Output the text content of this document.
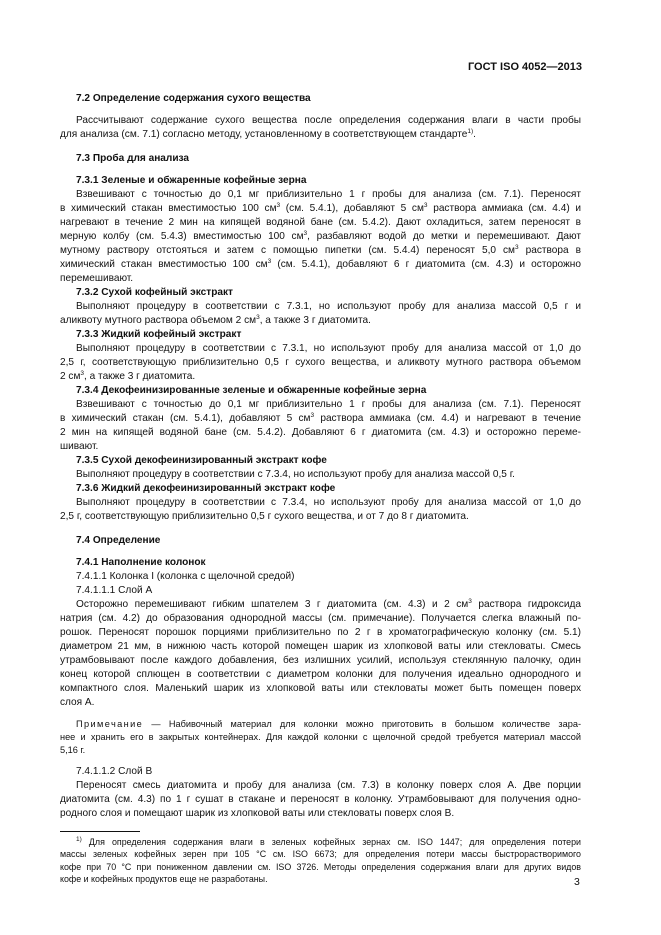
ГОСТ ISO 4052—2013

7.2 Определение содержания сухого вещества

Рассчитывают содержание сухого вещества после определения содержания влаги в части пробы

для анализа (см. 7.1) согласно методу, установленному в соответствующем стандарте$^{1)}$.

7.3 Проба для анализа

7.3.1 Зеленые и обжаренные кофейные зерна

Взвешивают с точностью до 0,1 мг приблизительно 1 г пробы для анализа (см. 7.1). Переносят

в химический стакан вместимостью 100 $см^3$ (см. 5.4.1), добавляют 5 $см^3$ раствора аммиака (см. 4.4) и

нагревают в течение 2 мин на кипящей водяной бане (см. 5.4.2). Дают охладиться, затем переносят в

мерную колбу (см. 5.4.3) вместимостью 100 $см^3$, разбавляют водой до метки и перемешивают. Дают

мутному раствору отстояться и затем с помощью пипетки (см. 5.4.4) переносят 5,0 $см^3$ раствора в

химический стакан вместимостью 100 $см^3$ (см. 5.4.1), добавляют 6 г диатомита (см. 4.3) и осторожно

перемешивают.

7.3.2 Сухой кофейный экстракт

Выполняют процедуру в соответствии с 7.3.1, но используют пробу для анализа массой 0,5 г и

аликвоту мутного раствора объемом 2 $см^3$, а также 3 г диатомита.

7.3.3 Жидкий кофейный экстракт

Выполняют процедуру в соответствии с 7.3.1, но используют пробу для анализа массой от 1,0 до

2,5 г, соответствующую приблизительно 0,5 г сухого вещества, и аликвоту мутного раствора объемом

2 $см^3$, а также 3 г диатомита.

7.3.4 Декофеинизированные зеленые и обжаренные кофейные зерна

Взвешивают с точностью до 0,1 мг приблизительно 1 г пробы для анализа (см. 7.1). Переносят

в химический стакан (см. 5.4.1), добавляют 5 $см^3$ раствора аммиака (см. 4.4) и нагревают в течение

2 мин на кипящей водяной бане (см. 5.4.2). Добавляют 6 г диатомита (см. 4.3) и осторожно переме-

шивают.

7.3.5 Сухой декофеинизированный экстракт кофе

Выполняют процедуру в соответствии с 7.3.4, но используют пробу для анализа массой 0,5 г.

7.3.6 Жидкий декофеинизированный экстракт кофе

Выполняют процедуру в соответствии с 7.3.4, но используют пробу для анализа массой от 1,0 до

2,5 г, соответствующую приблизительно 0,5 г сухого вещества, и от 7 до 8 г диатомита.

7.4 Определение

7.4.1 Наполнение колонок

7.4.1.1 Колонка I (колонка с щелочной средой)

7.4.1.1.1 Слой A

Осторожно перемешивают гибким шпателем 3 г диатомита (см. 4.3) и 2 $см^3$ раствора гидроксида

натрия (см. 4.2) до образования однородной массы (см. примечание). Получается слегка влажный по-

рошок. Переносят порошок порциями приблизительно по 2 г в хроматографическую колонку (см. 5.1)

диаметром 21 мм, в нижнюю часть которой помещен шарик из хлопковой ваты или стекловаты. Смесь

утрамбовывают после каждого добавления, без излишних усилий, используя стеклянную палочку, один

конец которой сплющен в соответствии с диаметром колонки для получения идеально однородного и

компактного слоя. Маленький шарик из хлопковой ваты или стекловаты может быть помещен поверх

слоя A.

Примечание — Набивочный материал для колонки можно приготовить в большом количестве зара-

нее и хранить его в закрытых контейнерах. Для каждой колонки с щелочной средой требуется материал массой

5,16 г.

7.4.1.1.2 Слой B

Переносят смесь диатомита и пробу для анализа (см. 7.3) в колонку поверх слоя A. Две порции

диатомита (см. 4.3) по 1 г сушат в стакане и переносят в колонку. Утрамбовывают для получения одно-

родного слоя и помещают шарик из хлопковой ваты или стекловаты поверх слоя B.

$^{1)}$ Для определения содержания влаги в зеленых кофейных зернах см. ISO 1447; для определения потери

массы зеленых кофейных зерен при 105 °С см. ISO 6673; для определения потери массы быстрорастворимого

кофе при 70 °С при пониженном давлении см. ISO 3726. Методы определения содержания влаги для других видов

кофе и кофейных продуктов еще не разработаны.	3
